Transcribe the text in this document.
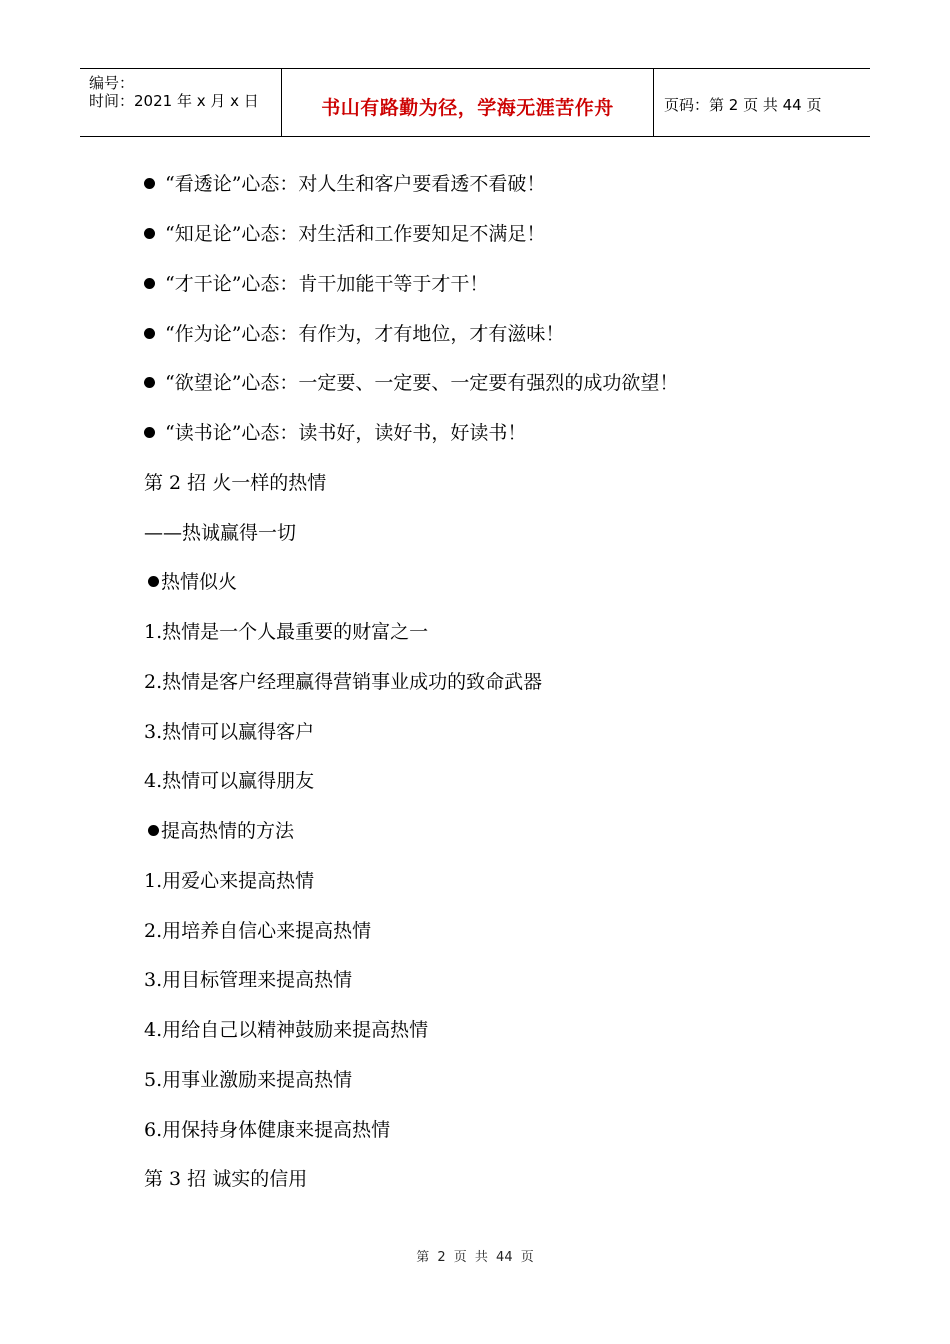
编号：
时间：2021 年 x 月 x 日	书山有路勤为径，学海无涯苦作舟	页码：第 2 页 共 44 页
“看透论”心态：对人生和客户要看透不看破！
“知足论”心态：对生活和工作要知足不满足！
“才干论”心态：肯干加能干等于才干！
“作为论”心态：有作为，才有地位，才有滋味！
“欲望论”心态：一定要、一定要、一定要有强烈的成功欲望！
“读书论”心态：读书好，读好书，好读书！
第 2 招 火一样的热情
——热诚赢得一切
热情似火
1.热情是一个人最重要的财富之一
2.热情是客户经理赢得营销事业成功的致命武器
3.热情可以赢得客户
4.热情可以赢得朋友
提高热情的方法
1.用爱心来提高热情
2.用培养自信心来提高热情
3.用目标管理来提高热情
4.用给自己以精神鼓励来提高热情
5.用事业激励来提高热情
6.用保持身体健康来提高热情
第 3 招 诚实的信用
第 2 页 共 44 页
